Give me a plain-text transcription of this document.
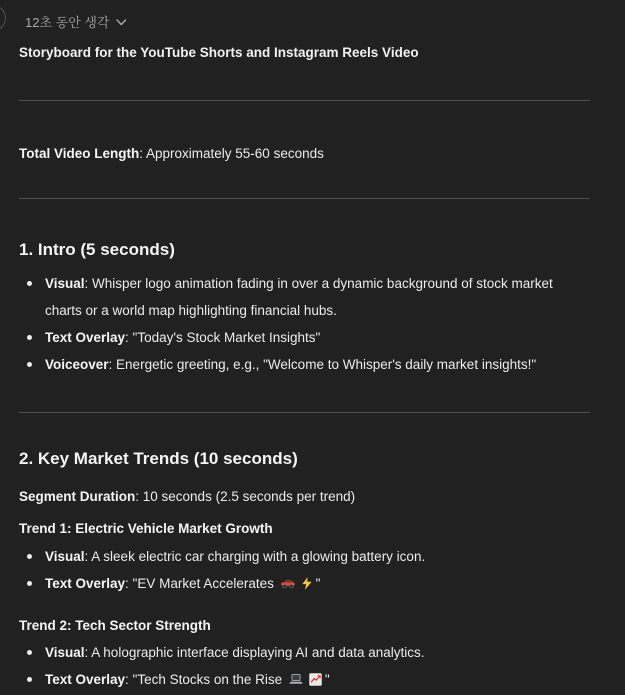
12초 동안 생각

Storyboard for the YouTube Shorts and Instagram Reels Video

Total Video Length: Approximately 55-60 seconds

1. Intro (5 seconds)
Visual: Whisper logo animation fading in over a dynamic background of stock market charts or a world map highlighting financial hubs.
Text Overlay: "Today's Stock Market Insights"
Voiceover: Energetic greeting, e.g., "Welcome to Whisper's daily market insights!"
2. Key Market Trends (10 seconds)

Segment Duration: 10 seconds (2.5 seconds per trend)

Trend 1: Electric Vehicle Market Growth
Visual: A sleek electric car charging with a glowing battery icon.
Text Overlay: "EV Market Accelerates	"
Trend 2: Tech Sector Strength
Visual: A holographic interface displaying AI and data analytics.
Text Overlay: "Tech Stocks on the Rise	"
